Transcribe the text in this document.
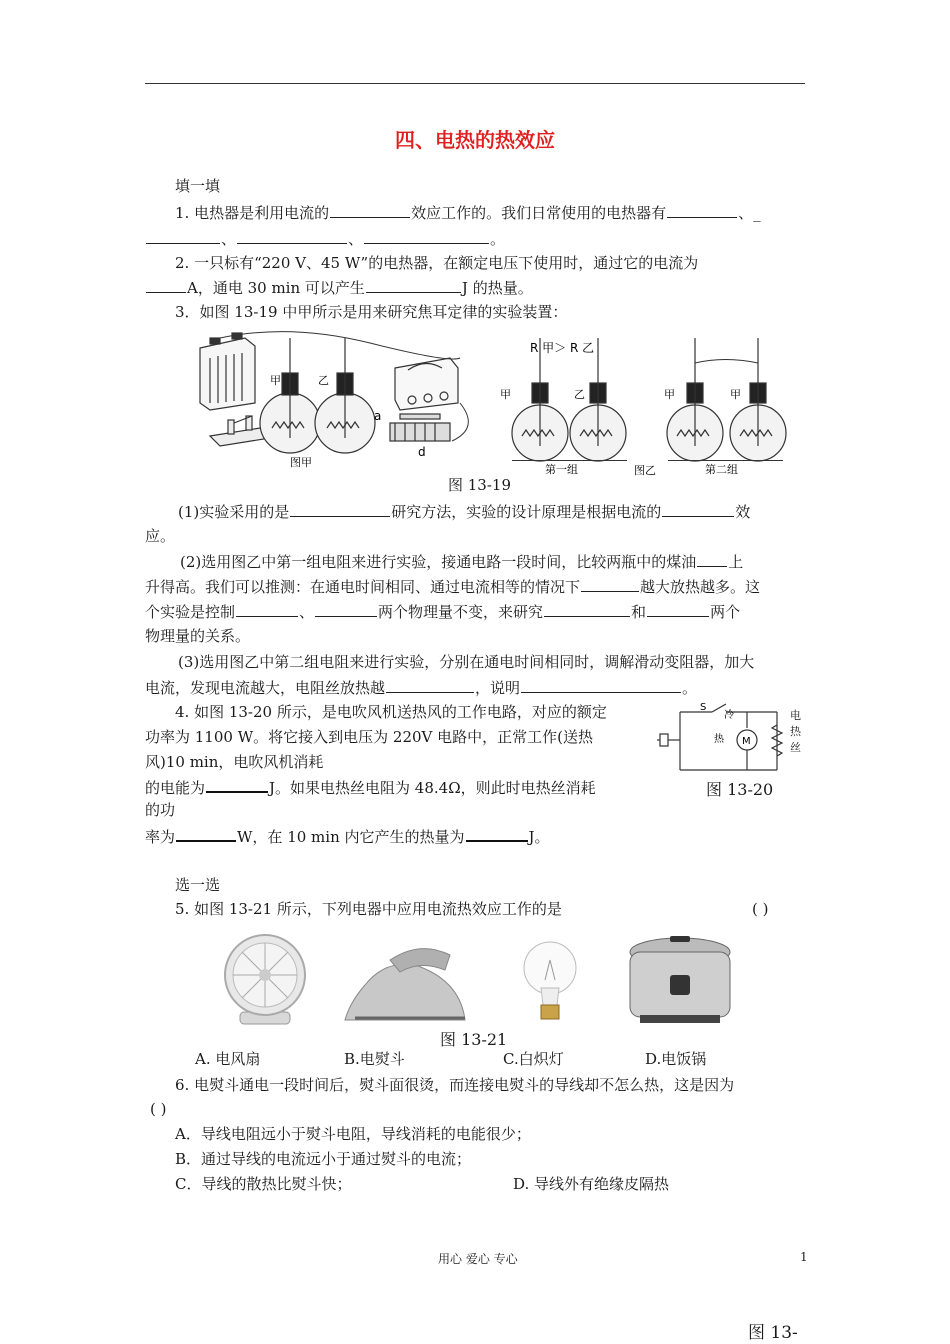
四、电热的热效应
填一填
1. 电热器是利用电流的	效应工作的。我们日常使用的电热器有	、_
、	、	。
2. 一只标有“220 V、45 W”的电热器，在额定电压下使用时，通过它的电流为
A，通电 30 min 可以产生	J 的热量。
3．如图 13-19 中甲所示是用来研究焦耳定律的实验装置：
甲	乙
a
d
图甲
R 甲＞ R 乙
甲	乙
第一组	图乙
甲	甲
第二组
图 13-19
(1)实验采用的是	研究方法，实验的设计原理是根据电流的	效
应。
(2)选用图乙中第一组电阻来进行实验，接通电路一段时间，比较两瓶中的煤油 上
升得高。我们可以推测：在通电时间相同、通过电流相等的情况下	越大放热越多。这
个实验是控制	、	两个物理量不变，来研究	和	两个
物理量的关系。
(3)选用图乙中第二组电阻来进行实验，分别在通电时间相同时，调解滑动变阻器，加大
电流，发现电流越大，电阻丝放热越	，说明	。
4. 如图 13-20 所示，是电吹风机送热风的工作电路，对应的额定
功率为 1100 W。将它接入到电压为 220V 电路中，正常工作(送热
风)10 min，电吹风机消耗
的电能为	J。如果电热丝电阻为 48.4Ω，则此时电热丝消耗
的功
率为	W，在 10 min 内它产生的热量为	J。
S
冷
热 M
电热丝
图 13-20
选一选
5. 如图 13-21 所示，下列电器中应用电流热效应工作的是	( )
图 13-21
A. 电风扇	B.电熨斗	C.白炽灯	D.电饭锅
6. 电熨斗通电一段时间后，熨斗面很烫，而连接电熨斗的导线却不怎么热，这是因为
( )
A．导线电阻远小于熨斗电阻，导线消耗的电能很少；
B．通过导线的电流远小于通过熨斗的电流；
C．导线的散热比熨斗快；	D. 导线外有绝缘皮隔热
用心 爱心 专心	1
图 13-
